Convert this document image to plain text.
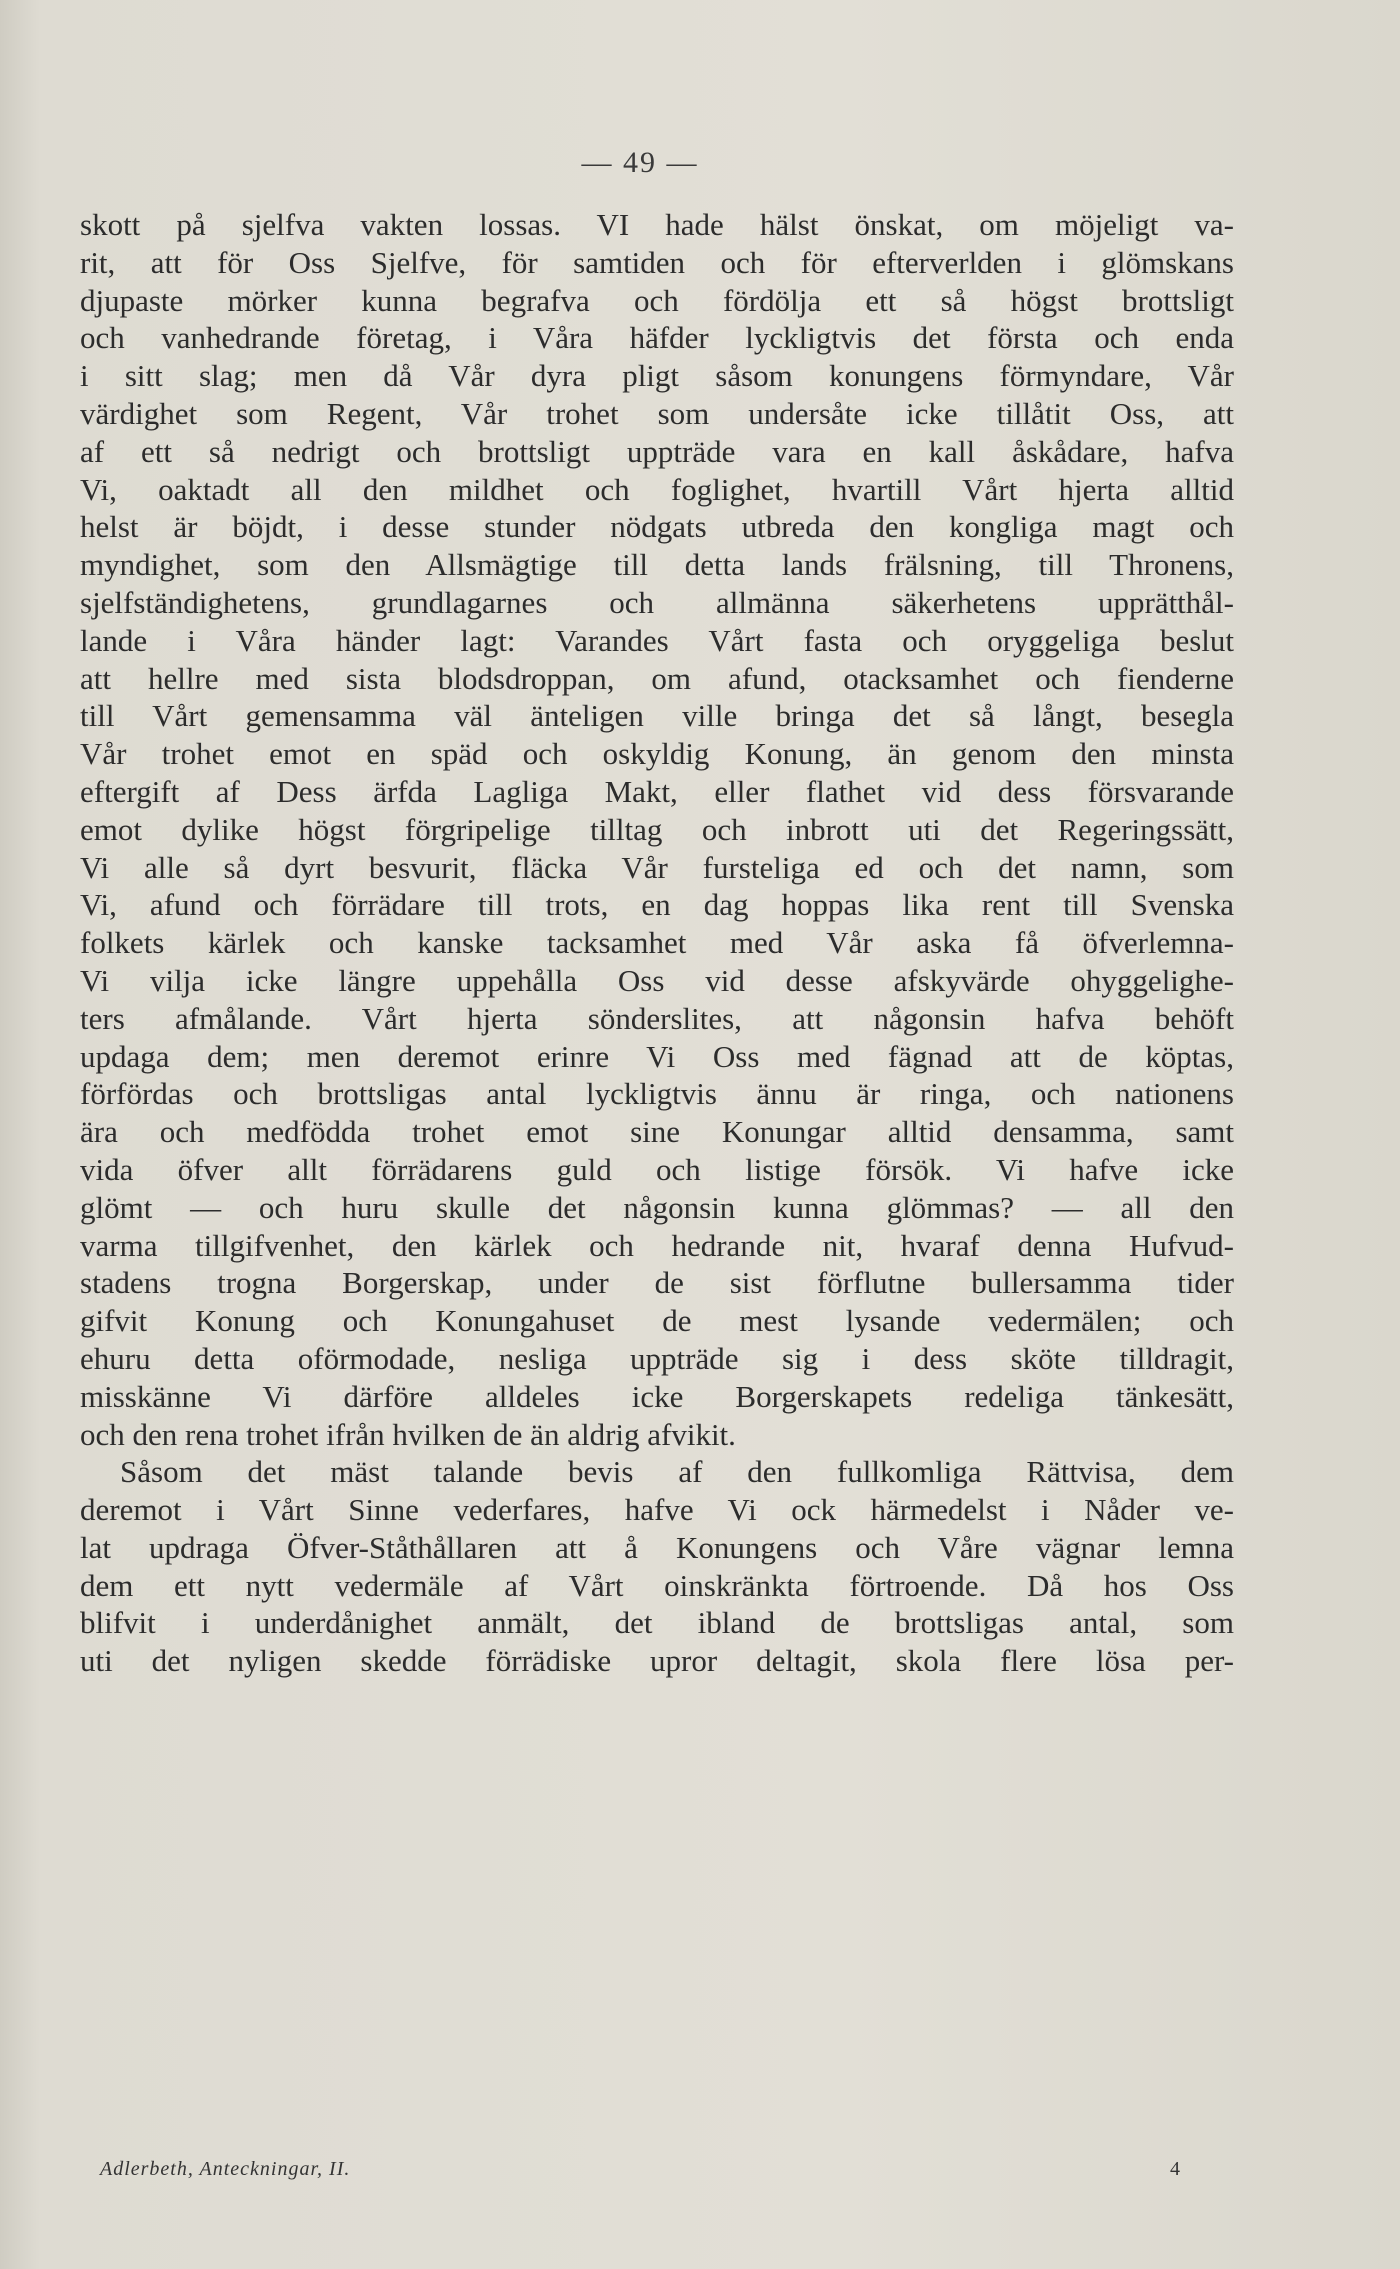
— 49 —
skott på sjelfva vakten lossas. VI hade hälst önskat, om möjeligt va-
rit, att för Oss Sjelfve, för samtiden och för efterverlden i glömskans
djupaste mörker kunna begrafva och fördölja ett så högst brottsligt
och vanhedrande företag, i Våra häfder lyckligtvis det första och enda
i sitt slag; men då Vår dyra pligt såsom konungens förmyndare, Vår
värdighet som Regent, Vår trohet som undersåte icke tillåtit Oss, att
af ett så nedrigt och brottsligt uppträde vara en kall åskådare, hafva
Vi, oaktadt all den mildhet och foglighet, hvartill Vårt hjerta alltid
helst är böjdt, i desse stunder nödgats utbreda den kongliga magt och
myndighet, som den Allsmägtige till detta lands frälsning, till Thronens,
sjelfständighetens, grundlagarnes och allmänna säkerhetens upprätthål-
lande i Våra händer lagt: Varandes Vårt fasta och oryggeliga beslut
att hellre med sista blodsdroppan, om afund, otacksamhet och fienderne
till Vårt gemensamma väl änteligen ville bringa det så långt, besegla
Vår trohet emot en späd och oskyldig Konung, än genom den minsta
eftergift af Dess ärfda Lagliga Makt, eller flathet vid dess försvarande
emot dylike högst förgripelige tilltag och inbrott uti det Regeringssätt,
Vi alle så dyrt besvurit, fläcka Vår fursteliga ed och det namn, som
Vi, afund och förrädare till trots, en dag hoppas lika rent till Svenska
folkets kärlek och kanske tacksamhet med Vår aska få öfverlemna-
Vi vilja icke längre uppehålla Oss vid desse afskyvärde ohyggelighe-
ters afmålande. Vårt hjerta sönderslites, att någonsin hafva behöft
updaga dem; men deremot erinre Vi Oss med fägnad att de köptas,
förfördas och brottsligas antal lyckligtvis ännu är ringa, och nationens
ära och medfödda trohet emot sine Konungar alltid densamma, samt
vida öfver allt förrädarens guld och listige försök. Vi hafve icke
glömt — och huru skulle det någonsin kunna glömmas? — all den
varma tillgifvenhet, den kärlek och hedrande nit, hvaraf denna Hufvud-
stadens trogna Borgerskap, under de sist förflutne bullersamma tider
gifvit Konung och Konungahuset de mest lysande vedermälen; och
ehuru detta oförmodade, nesliga uppträde sig i dess sköte tilldragit,
misskänne Vi därföre alldeles icke Borgerskapets redeliga tänkesätt,
och den rena trohet ifrån hvilken de än aldrig afvikit.
Såsom det mäst talande bevis af den fullkomliga Rättvisa, dem
deremot i Vårt Sinne vederfares, hafve Vi ock härmedelst i Nåder ve-
lat updraga Öfver-Ståthållaren att å Konungens och Våre vägnar lemna
dem ett nytt vedermäle af Vårt oinskränkta förtroende. Då hos Oss
blifvit i underdånighet anmält, det ibland de brottsligas antal, som
uti det nyligen skedde förrädiske upror deltagit, skola flere lösa per-
Adlerbeth, Anteckningar, II.	4
